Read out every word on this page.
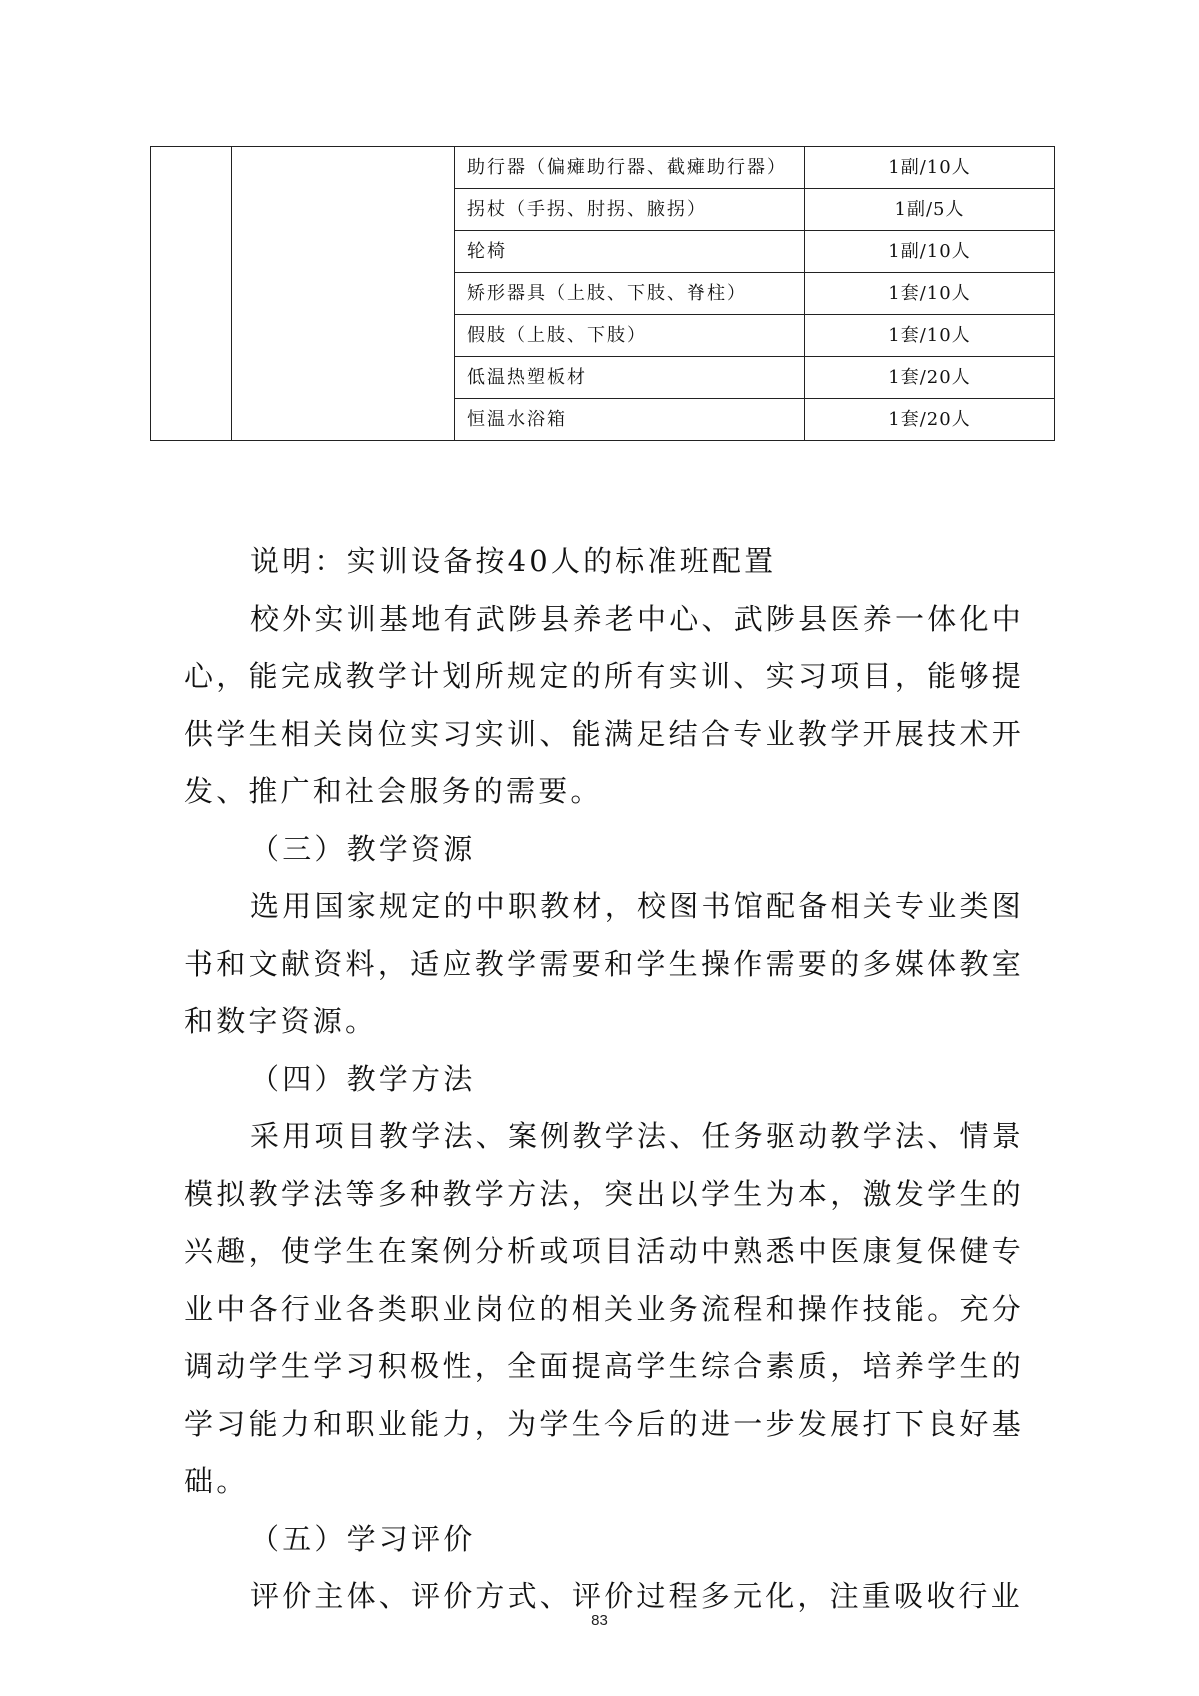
		助行器（偏瘫助行器、截瘫助行器）	1副/10人
		拐杖（手拐、肘拐、腋拐）	1副/5人
		轮椅	1副/10人
		矫形器具（上肢、下肢、脊柱）	1套/10人
		假肢（上肢、下肢）	1套/10人
		低温热塑板材	1套/20人
		恒温水浴箱	1套/20人

说明：实训设备按40人的标准班配置

校外实训基地有武陟县养老中心、武陟县医养一体化中心，能完成教学计划所规定的所有实训、实习项目，能够提供学生相关岗位实习实训、能满足结合专业教学开展技术开发、推广和社会服务的需要。

（三）教学资源

选用国家规定的中职教材，校图书馆配备相关专业类图书和文献资料，适应教学需要和学生操作需要的多媒体教室和数字资源。

（四）教学方法

采用项目教学法、案例教学法、任务驱动教学法、情景模拟教学法等多种教学方法，突出以学生为本，激发学生的兴趣，使学生在案例分析或项目活动中熟悉中医康复保健专业中各行业各类职业岗位的相关业务流程和操作技能。充分调动学生学习积极性，全面提高学生综合素质，培养学生的学习能力和职业能力，为学生今后的进一步发展打下良好基础。

（五）学习评价

评价主体、评价方式、评价过程多元化，注重吸收行业

83
